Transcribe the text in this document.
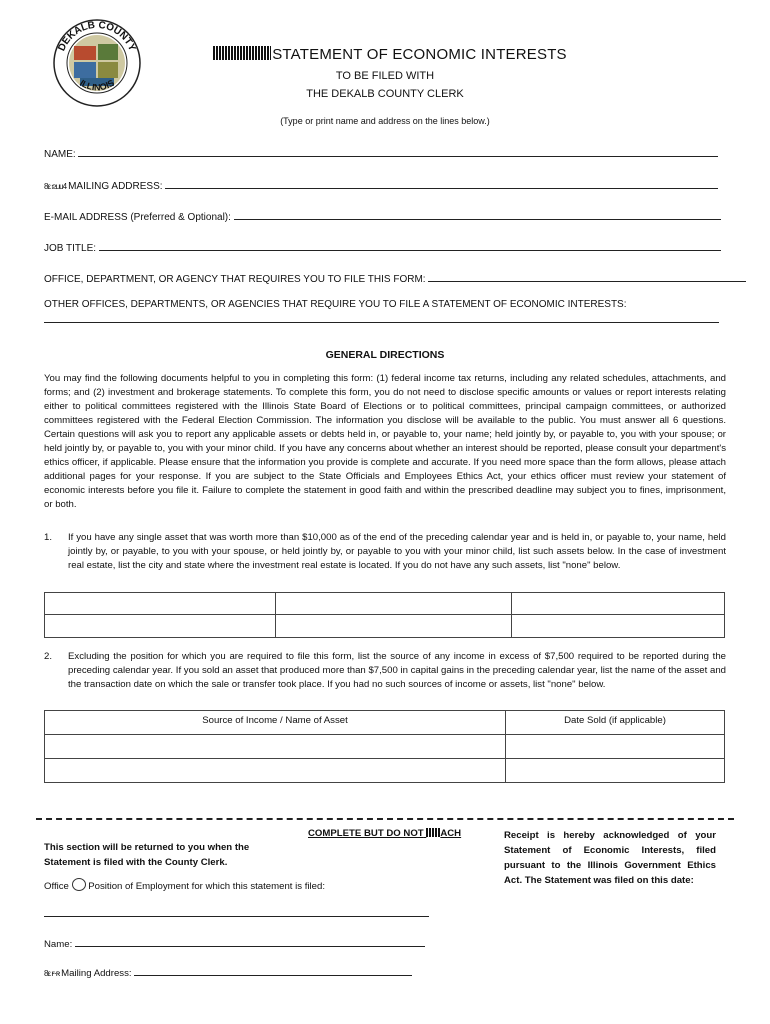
DEKALB COUNTY
ILLINOIS
STATEMENT OF ECONOMIC INTERESTS
TO BE FILED WITH
THE DEKALB COUNTY CLERK
(Type or print name and address on the lines below.)
NAME:
8ε ຂuu4 MAILING ADDRESS:
E-MAIL ADDRESS (Preferred & Optional):
JOB TITLE:
OFFICE, DEPARTMENT, OR AGENCY THAT REQUIRES YOU TO FILE THIS FORM:
OTHER OFFICES, DEPARTMENTS, OR AGENCIES THAT REQUIRE YOU TO FILE A STATEMENT OF ECONOMIC INTERESTS:
GENERAL DIRECTIONS
You may find the following documents helpful to you in completing this form: (1) federal income tax returns, including any related schedules, attachments, and forms; and (2) investment and brokerage statements. To complete this form, you do not need to disclose specific amounts or values or report interests relating either to political committees registered with the Illinois State Board of Elections or to political committees, principal campaign committees, or authorized committees registered with the Federal Election Commission. The information you disclose will be available to the public. You must answer all 6 questions. Certain questions will ask you to report any applicable assets or debts held in, or payable to, your name; held jointly by, or payable to, you with your spouse; or held jointly by, or payable to, you with your minor child. If you have any concerns about whether an interest should be reported, please consult your department's ethics officer, if applicable. Please ensure that the information you provide is complete and accurate. If you need more space than the form allows, please attach additional pages for your response. If you are subject to the State Officials and Employees Ethics Act, your ethics officer must review your statement of economic interests before you file it. Failure to complete the statement in good faith and within the prescribed deadline may subject you to fines, imprisonment, or both.
1. If you have any single asset that was worth more than $10,000 as of the end of the preceding calendar year and is held in, or payable to, your name, held jointly by, or payable, to you with your spouse, or held jointly by, or payable to you with your minor child, list such assets below. In the case of investment real estate, list the city and state where the investment real estate is located. If you do not have any such assets, list "none" below.

2. Excluding the position for which you are required to file this form, list the source of any income in excess of $7,500 required to be reported during the preceding calendar year. If you sold an asset that produced more than $7,500 in capital gains in the preceding calendar year, list the name of the asset and the transaction date on which the sale or transfer took place. If you had no such sources of income or assets, list "none" below.
Source of Income / Name of Asset	Date Sold (if applicable)

COMPLETE BUT DO NOT ACH
This section will be returned to you when the Statement is filed with the County Clerk.
Office Position of Employment for which this statement is filed:
Name:
8ε ꜰ·ʀ Mailing Address:
Receipt is hereby acknowledged of your Statement of Economic Interests, filed pursuant to the Illinois Government Ethics Act. The Statement was filed on this date:
